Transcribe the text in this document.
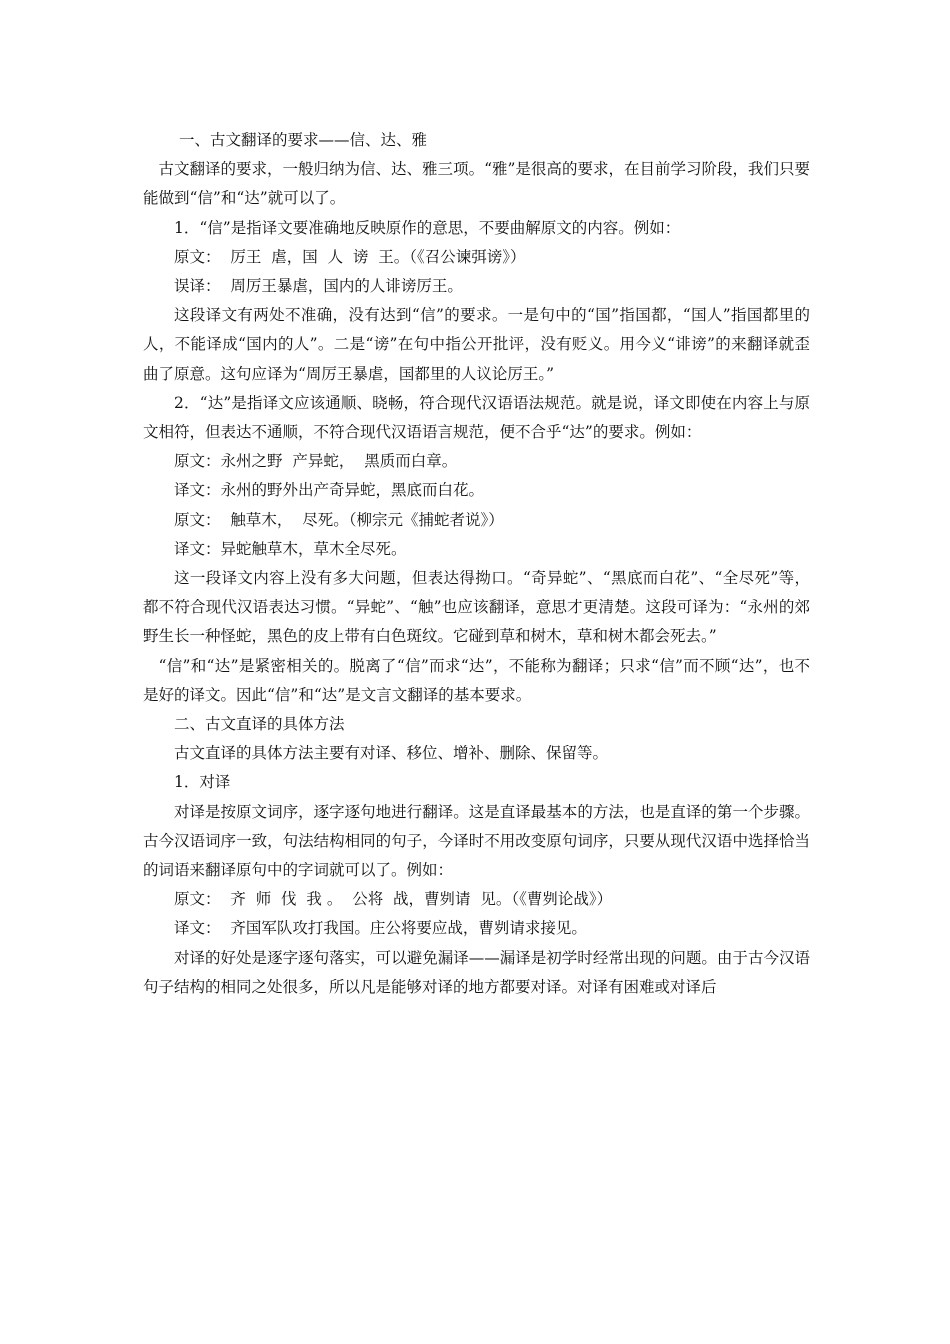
一、古文翻译的要求——信、达、雅

古文翻译的要求，一般归纳为信、达、雅三项。“雅”是很高的要求，在目前学习阶段，我们只要能做到“信”和“达”就可以了。

1．“信”是指译文要准确地反映原作的意思，不要曲解原文的内容。例如：

原文：  厉王  虐，国  人  谤  王。（《召公谏弭谤》）

误译：  周厉王暴虐，国内的人诽谤厉王。

这段译文有两处不准确，没有达到“信”的要求。一是句中的“国”指国都，“国人”指国都里的人，不能译成“国内的人”。二是“谤”在句中指公开批评，没有贬义。用今义“诽谤”的来翻译就歪曲了原意。这句应译为“周厉王暴虐，国都里的人议论厉王。”

2．“达”是指译文应该通顺、晓畅，符合现代汉语语法规范。就是说，译文即使在内容上与原文相符，但表达不通顺，不符合现代汉语语言规范，便不合乎“达”的要求。例如：

原文：永州之野  产异蛇，  黑质而白章。

译文：永州的野外出产奇异蛇，黑底而白花。

原文：  触草木，  尽死。（柳宗元《捕蛇者说》）

译文：异蛇触草木，草木全尽死。

这一段译文内容上没有多大问题，但表达得拗口。“奇异蛇”、“黑底而白花”、“全尽死”等，都不符合现代汉语表达习惯。“异蛇”、“触”也应该翻译，意思才更清楚。这段可译为：“永州的郊野生长一种怪蛇，黑色的皮上带有白色斑纹。它碰到草和树木，草和树木都会死去。”

“信”和“达”是紧密相关的。脱离了“信”而求“达”，不能称为翻译；只求“信”而不顾“达”，也不是好的译文。因此“信”和“达”是文言文翻译的基本要求。

二、古文直译的具体方法

古文直译的具体方法主要有对译、移位、增补、删除、保留等。

1．对译

对译是按原文词序，逐字逐句地进行翻译。这是直译最基本的方法，也是直译的第一个步骤。古今汉语词序一致，句法结构相同的句子，今译时不用改变原句词序，只要从现代汉语中选择恰当的词语来翻译原句中的字词就可以了。例如：

原文：  齐  师  伐  我 。  公将  战，曹刿请  见。（《曹刿论战》）

译文：  齐国军队攻打我国。庄公将要应战，曹刿请求接见。

对译的好处是逐字逐句落实，可以避免漏译——漏译是初学时经常出现的问题。由于古今汉语句子结构的相同之处很多，所以凡是能够对译的地方都要对译。对译有困难或对译后
